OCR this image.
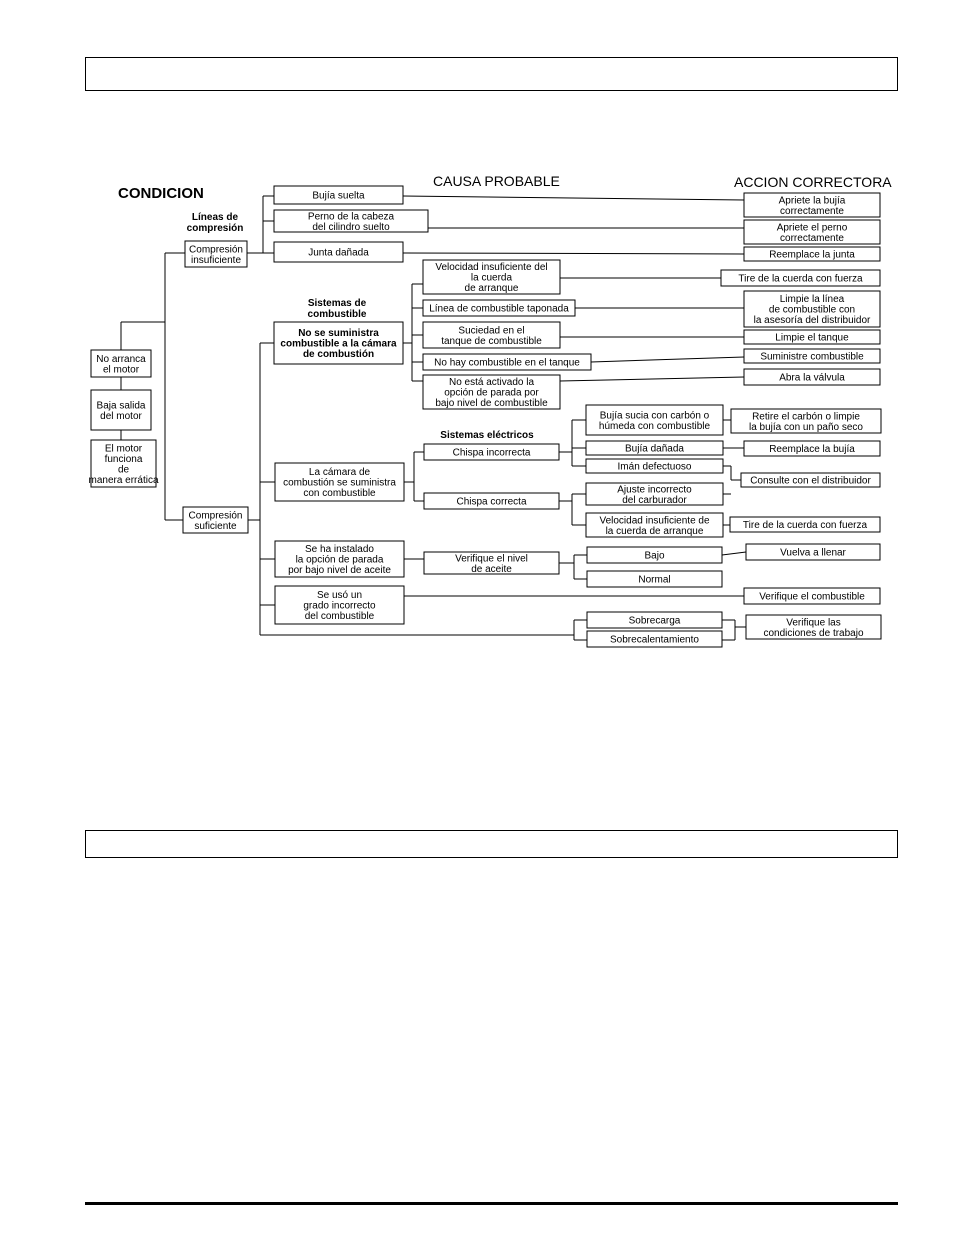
No arranca
el motor
Baja salida
del motor
El motor
funciona
de
manera errática
Compresión
insuficiente
Compresión
suficiente
Bujía suelta
Perno de la cabeza
del cilindro suelto
Junta dañada
No se suministra
combustible a la cámara
de combustión
Velocidad insuficiente del
la cuerda
de arranque
Línea de combustible taponada
Suciedad en el
tanque de combustible
No hay combustible en el tanque
No está activado la
opción de parada por
bajo nivel de combustible
La cámara de
combustión se suministra
con combustible
Chispa incorrecta
Chispa correcta
Bujía sucia con carbón o
húmeda con combustible
Bujía dañada
Imán defectuoso
Ajuste incorrecto
del carburador
Velocidad insuficiente de
la cuerda de arranque
Se ha instalado
la opción de parada
por bajo nivel de aceite
Verifique el nivel
de aceite
Bajo
Normal
Se usó un
grado incorrecto
del combustible	Sobrecarga
Sobrecalentamiento
Apriete la bujía
correctamente
Apriete el perno
correctamente
Reemplace la junta
Tire de la cuerda con fuerza
Limpie la línea
de combustible con
la asesoría del distribuidor
Limpie el tanque
Suministre combustible
Abra la válvula
Retire el carbón o limpie
la bujía con un paño seco
Reemplace la bujía
Consulte con el distribuidor
Tire de la cuerda con fuerza
Vuelva a llenar
Verifique el combustible
Verifique las
condiciones de trabajo
CONDICION
CAUSA PROBABLE	ACCION CORRECTORA
Líneas de
compresión
Sistemas de
combustible
Sistemas eléctricos
